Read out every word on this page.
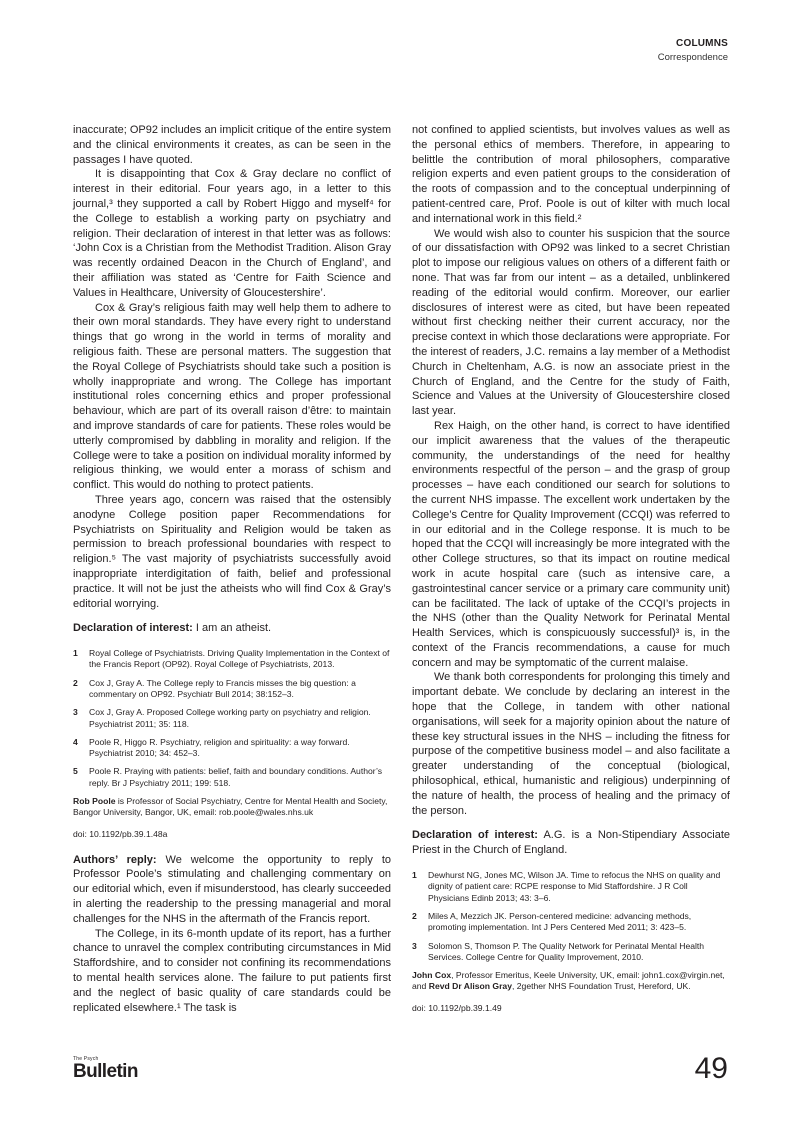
COLUMNS
Correspondence

inaccurate; OP92 includes an implicit critique of the entire system and the clinical environments it creates, as can be seen in the passages I have quoted.

It is disappointing that Cox & Gray declare no conflict of interest in their editorial. Four years ago, in a letter to this journal,³ they supported a call by Robert Higgo and myself⁴ for the College to establish a working party on psychiatry and religion. Their declaration of interest in that letter was as follows: ‘John Cox is a Christian from the Methodist Tradition. Alison Gray was recently ordained Deacon in the Church of England’, and their affiliation was stated as ‘Centre for Faith Science and Values in Healthcare, University of Gloucestershire’.

Cox & Gray’s religious faith may well help them to adhere to their own moral standards. They have every right to understand things that go wrong in the world in terms of morality and religious faith. These are personal matters. The suggestion that the Royal College of Psychiatrists should take such a position is wholly inappropriate and wrong. The College has important institutional roles concerning ethics and proper professional behaviour, which are part of its overall raison d’être: to maintain and improve standards of care for patients. These roles would be utterly compromised by dabbling in morality and religion. If the College were to take a position on individual morality informed by religious thinking, we would enter a morass of schism and conflict. This would do nothing to protect patients.

Three years ago, concern was raised that the ostensibly anodyne College position paper Recommendations for Psychiatrists on Spirituality and Religion would be taken as permission to breach professional boundaries with respect to religion.⁵ The vast majority of psychiatrists successfully avoid inappropriate interdigitation of faith, belief and professional practice. It will not be just the atheists who will find Cox & Gray’s editorial worrying.

Declaration of interest: I am an atheist.

1 Royal College of Psychiatrists. Driving Quality Implementation in the Context of the Francis Report (OP92). Royal College of Psychiatrists, 2013.
2 Cox J, Gray A. The College reply to Francis misses the big question: a commentary on OP92. Psychiatr Bull 2014; 38:152–3.
3 Cox J, Gray A. Proposed College working party on psychiatry and religion. Psychiatrist 2011; 35: 118.
4 Poole R, Higgo R. Psychiatry, religion and spirituality: a way forward. Psychiatrist 2010; 34: 452–3.
5 Poole R. Praying with patients: belief, faith and boundary conditions. Author’s reply. Br J Psychiatry 2011; 199: 518.
Rob Poole is Professor of Social Psychiatry, Centre for Mental Health and Society, Bangor University, Bangor, UK, email: rob.poole@wales.nhs.uk
doi: 10.1192/pb.39.1.48a

Authors’ reply: We welcome the opportunity to reply to Professor Poole’s stimulating and challenging commentary on our editorial which, even if misunderstood, has clearly succeeded in alerting the readership to the pressing managerial and moral challenges for the NHS in the aftermath of the Francis report.

The College, in its 6-month update of its report, has a further chance to unravel the complex contributing circumstances in Mid Staffordshire, and to consider not confining its recommendations to mental health services alone. The failure to put patients first and the neglect of basic quality of care standards could be replicated elsewhere.¹ The task is

not confined to applied scientists, but involves values as well as the personal ethics of members. Therefore, in appearing to belittle the contribution of moral philosophers, comparative religion experts and even patient groups to the consideration of the roots of compassion and to the conceptual underpinning of patient-centred care, Prof. Poole is out of kilter with much local and international work in this field.²

We would wish also to counter his suspicion that the source of our dissatisfaction with OP92 was linked to a secret Christian plot to impose our religious values on others of a different faith or none. That was far from our intent – as a detailed, unblinkered reading of the editorial would confirm. Moreover, our earlier disclosures of interest were as cited, but have been repeated without first checking neither their current accuracy, nor the precise context in which those declarations were appropriate. For the interest of readers, J.C. remains a lay member of a Methodist Church in Cheltenham, A.G. is now an associate priest in the Church of England, and the Centre for the study of Faith, Science and Values at the University of Gloucestershire closed last year.

Rex Haigh, on the other hand, is correct to have identified our implicit awareness that the values of the therapeutic community, the understandings of the need for healthy environments respectful of the person – and the grasp of group processes – have each conditioned our search for solutions to the current NHS impasse. The excellent work undertaken by the College’s Centre for Quality Improvement (CCQI) was referred to in our editorial and in the College response. It is much to be hoped that the CCQI will increasingly be more integrated with the other College structures, so that its impact on routine medical work in acute hospital care (such as intensive care, a gastrointestinal cancer service or a primary care community unit) can be facilitated. The lack of uptake of the CCQI’s projects in the NHS (other than the Quality Network for Perinatal Mental Health Services, which is conspicuously successful)³ is, in the context of the Francis recommendations, a cause for much concern and may be symptomatic of the current malaise.

We thank both correspondents for prolonging this timely and important debate. We conclude by declaring an interest in the hope that the College, in tandem with other national organisations, will seek for a majority opinion about the nature of these key structural issues in the NHS – including the fitness for purpose of the competitive business model – and also facilitate a greater understanding of the conceptual (biological, philosophical, ethical, humanistic and religious) underpinning of the nature of health, the process of healing and the primacy of the person.

Declaration of interest: A.G. is a Non-Stipendiary Associate Priest in the Church of England.

1 Dewhurst NG, Jones MC, Wilson JA. Time to refocus the NHS on quality and dignity of patient care: RCPE response to Mid Staffordshire. J R Coll Physicians Edinb 2013; 43: 3–6.
2 Miles A, Mezzich JK. Person-centered medicine: advancing methods, promoting implementation. Int J Pers Centered Med 2011; 3: 423–5.
3 Solomon S, Thomson P. The Quality Network for Perinatal Mental Health Services. College Centre for Quality Improvement, 2010.
John Cox, Professor Emeritus, Keele University, UK, email: john1.cox@virgin.net, and Revd Dr Alison Gray, 2gether NHS Foundation Trust, Hereford, UK.
doi: 10.1192/pb.39.1.49
The Psych
Bulletin	49
